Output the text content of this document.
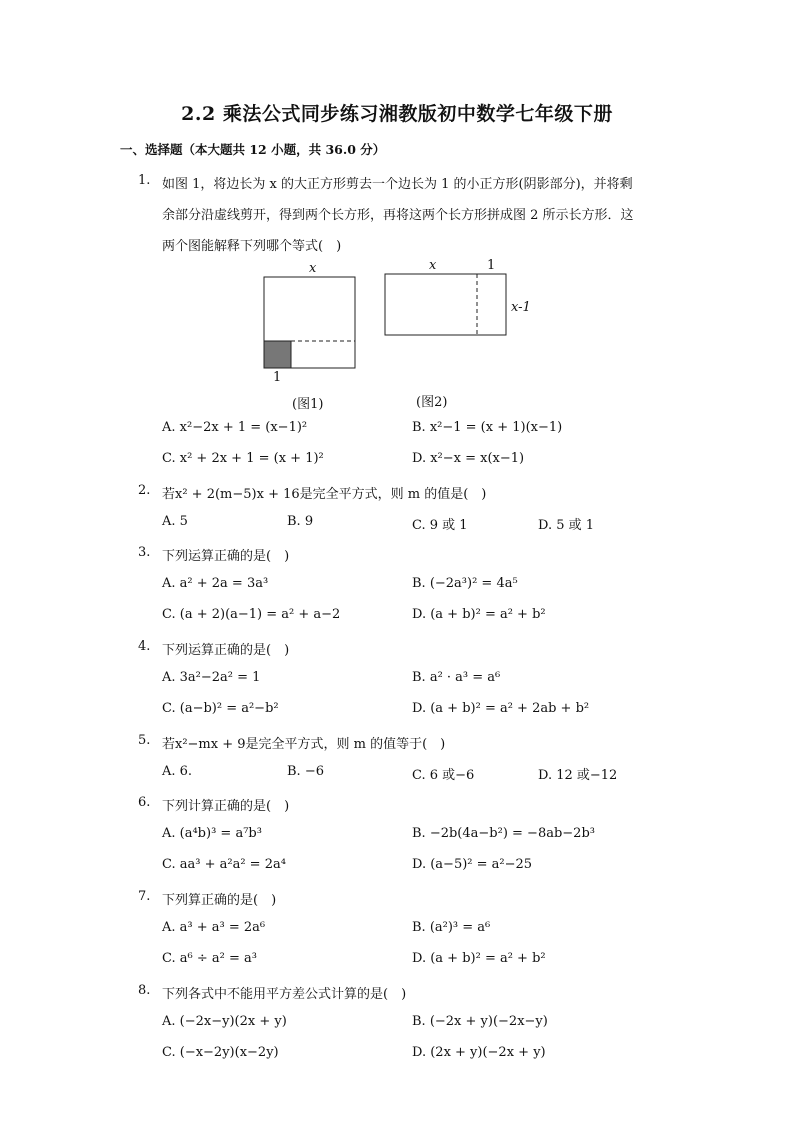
2.2 乘法公式同步练习湘教版初中数学七年级下册
一、选择题（本大题共 12 小题，共 36.0 分）
1. 如图 1，将边长为 x 的大正方形剪去一个边长为 1 的小正方形(阴影部分)，并将剩
余部分沿虚线剪开，得到两个长方形，再将这两个长方形拼成图 2 所示长方形．这
两个图能解释下列哪个等式(　)
x
1
(图1)
x	1
x-1
(图2)
A. x²−2x + 1 = (x−1)²	B. x²−1 = (x + 1)(x−1)
C. x² + 2x + 1 = (x + 1)²	D. x²−x = x(x−1)
2. 若x² + 2(m−5)x + 16是完全平方式，则 m 的值是(　)
A. 5	B. 9	C. 9 或 1	D. 5 或 1
3. 下列运算正确的是(　)
A. a² + 2a = 3a³	B. (−2a³)² = 4a⁵
C. (a + 2)(a−1) = a² + a−2	D. (a + b)² = a² + b²
4. 下列运算正确的是(　)
A. 3a²−2a² = 1	B. a² · a³ = a⁶
C. (a−b)² = a²−b²	D. (a + b)² = a² + 2ab + b²
5. 若x²−mx + 9是完全平方式，则 m 的值等于(　)
A. 6.	B. −6	C. 6 或−6	D. 12 或−12
6. 下列计算正确的是(　)
A. (a⁴b)³ = a⁷b³	B. −2b(4a−b²) = −8ab−2b³
C. aa³ + a²a² = 2a⁴	D. (a−5)² = a²−25
7. 下列算正确的是(　)
A. a³ + a³ = 2a⁶	B. (a²)³ = a⁶
C. a⁶ ÷ a² = a³	D. (a + b)² = a² + b²
8. 下列各式中不能用平方差公式计算的是(　)
A. (−2x−y)(2x + y)	B. (−2x + y)(−2x−y)
C. (−x−2y)(x−2y)	D. (2x + y)(−2x + y)
